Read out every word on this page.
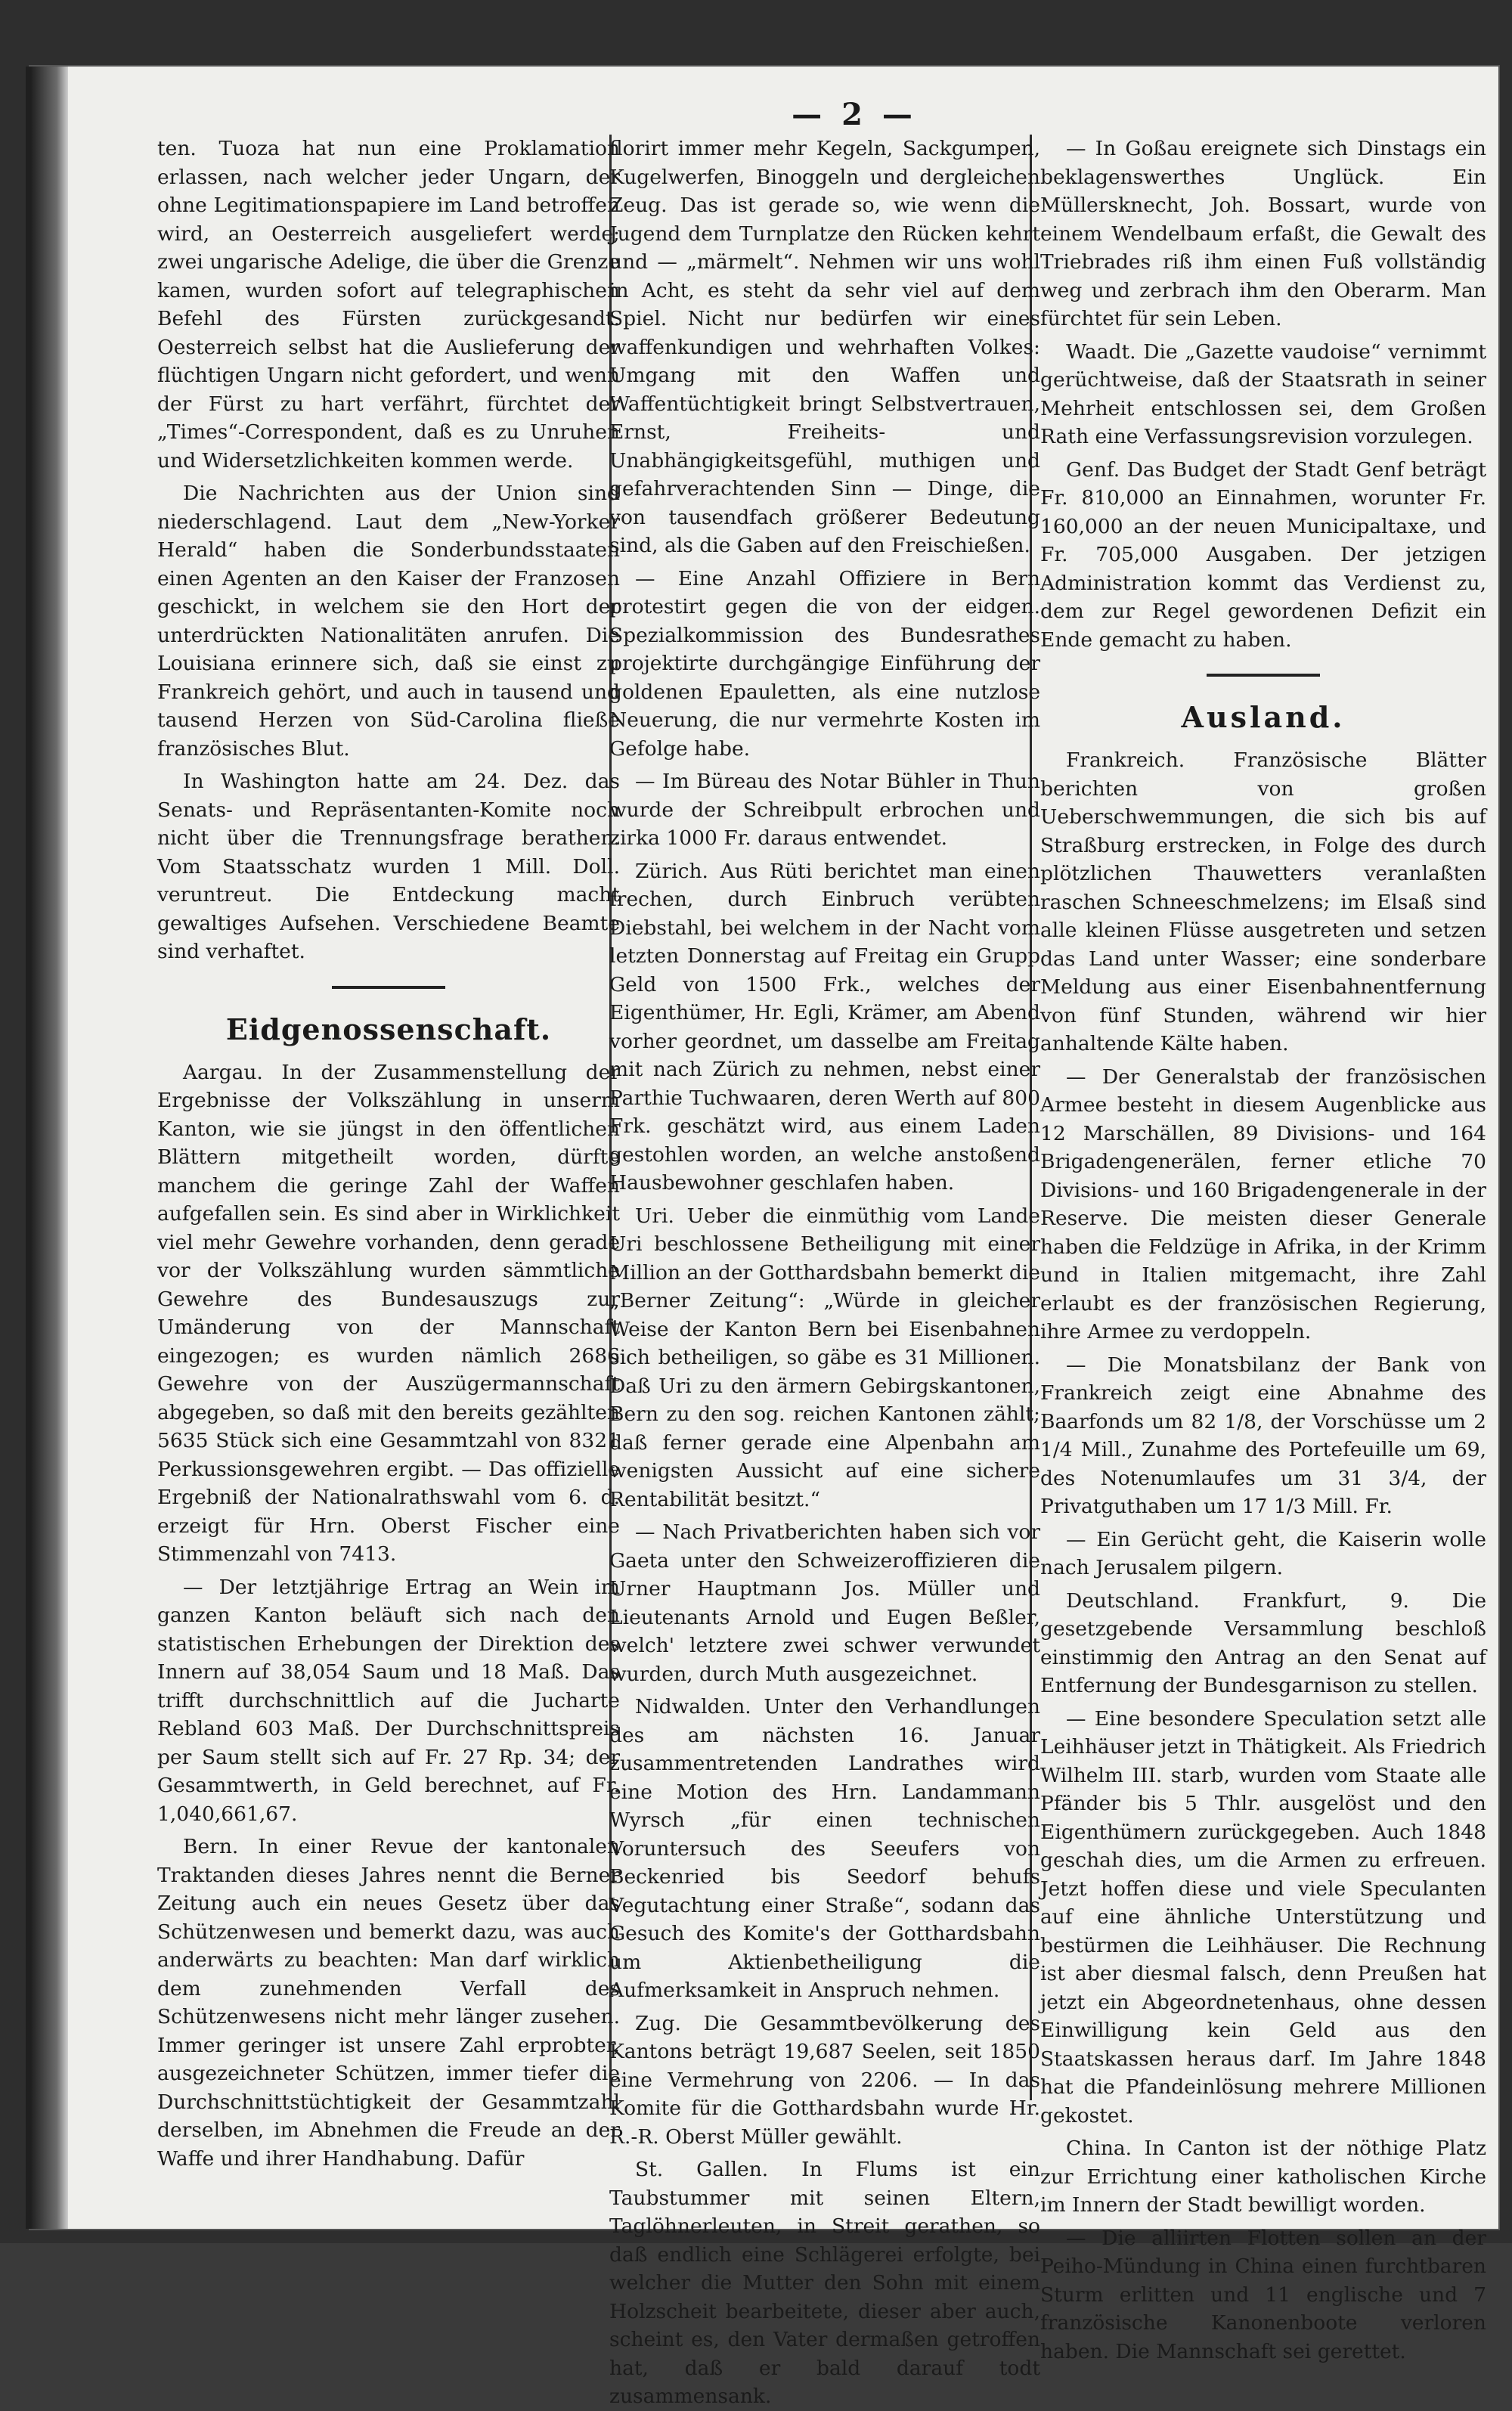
— 2 —

ten. Tuoza hat nun eine Proklamation erlassen, nach welcher jeder Ungarn, der ohne Legitimationspapiere im Land betroffen wird, an Oesterreich ausgeliefert werde; zwei ungarische Adelige, die über die Grenze kamen, wurden sofort auf telegraphischen Befehl des Fürsten zurückgesandt. Oesterreich selbst hat die Auslieferung der flüchtigen Ungarn nicht gefordert, und wenn der Fürst zu hart verfährt, fürchtet der „Times“-Correspondent, daß es zu Unruhen und Widersetzlichkeiten kommen werde.

Die Nachrichten aus der Union sind niederschlagend. Laut dem „New-Yorker Herald“ haben die Sonderbundsstaaten einen Agenten an den Kaiser der Franzosen geschickt, in welchem sie den Hort der unterdrückten Nationalitäten anrufen. Die Louisiana erinnere sich, daß sie einst zu Frankreich gehört, und auch in tausend und tausend Herzen von Süd-Carolina fließe französisches Blut.

In Washington hatte am 24. Dez. das Senats- und Repräsentanten-Komite noch nicht über die Trennungsfrage berathen. Vom Staatsschatz wurden 1 Mill. Doll. veruntreut. Die Entdeckung macht gewaltiges Aufsehen. Verschiedene Beamte sind verhaftet.

Eidgenossenschaft.

Aargau. In der Zusammenstellung der Ergebnisse der Volkszählung in unserm Kanton, wie sie jüngst in den öffentlichen Blättern mitgetheilt worden, dürfte manchem die geringe Zahl der Waffen aufgefallen sein. Es sind aber in Wirklichkeit viel mehr Gewehre vorhanden, denn gerade vor der Volkszählung wurden sämmtliche Gewehre des Bundesauszugs zur Umänderung von der Mannschaft eingezogen; es wurden nämlich 2686 Gewehre von der Auszügermannschaft abgegeben, so daß mit den bereits gezählten 5635 Stück sich eine Gesammtzahl von 8321 Perkussionsgewehren ergibt. — Das offizielle Ergebniß der Nationalrathswahl vom 6. d. erzeigt für Hrn. Oberst Fischer eine Stimmenzahl von 7413.

— Der letztjährige Ertrag an Wein im ganzen Kanton beläuft sich nach den statistischen Erhebungen der Direktion des Innern auf 38,054 Saum und 18 Maß. Das trifft durchschnittlich auf die Jucharte Rebland 603 Maß. Der Durchschnittspreis per Saum stellt sich auf Fr. 27 Rp. 34; der Gesammtwerth, in Geld berechnet, auf Fr. 1,040,661,67.

Bern. In einer Revue der kantonalen Traktanden dieses Jahres nennt die Berner Zeitung auch ein neues Gesetz über das Schützenwesen und bemerkt dazu, was auch anderwärts zu beachten: Man darf wirklich dem zunehmenden Verfall des Schützenwesens nicht mehr länger zusehen. Immer geringer ist unsere Zahl erprobter, ausgezeichneter Schützen, immer tiefer die Durchschnittstüchtigkeit der Gesammtzahl derselben, im Abnehmen die Freude an der Waffe und ihrer Handhabung. Dafür

florirt immer mehr Kegeln, Sackgumpen, Kugelwerfen, Binoggeln und dergleichen Zeug. Das ist gerade so, wie wenn die Jugend dem Turnplatze den Rücken kehrt und — „märmelt“. Nehmen wir uns wohl in Acht, es steht da sehr viel auf dem Spiel. Nicht nur bedürfen wir eines waffenkundigen und wehrhaften Volkes: Umgang mit den Waffen und Waffentüchtigkeit bringt Selbstvertrauen, Ernst, Freiheits- und Unabhängigkeitsgefühl, muthigen und gefahrverachtenden Sinn — Dinge, die von tausendfach größerer Bedeutung sind, als die Gaben auf den Freischießen.

— Eine Anzahl Offiziere in Bern protestirt gegen die von der eidgen. Spezialkommission des Bundesrathes projektirte durchgängige Einführung der goldenen Epauletten, als eine nutzlose Neuerung, die nur vermehrte Kosten im Gefolge habe.

— Im Büreau des Notar Bühler in Thun wurde der Schreibpult erbrochen und zirka 1000 Fr. daraus entwendet.

Zürich. Aus Rüti berichtet man einen frechen, durch Einbruch verübten Diebstahl, bei welchem in der Nacht vom letzten Donnerstag auf Freitag ein Grupp Geld von 1500 Frk., welches der Eigenthümer, Hr. Egli, Krämer, am Abend vorher geordnet, um dasselbe am Freitag mit nach Zürich zu nehmen, nebst einer Parthie Tuchwaaren, deren Werth auf 800 Frk. geschätzt wird, aus einem Laden gestohlen worden, an welche anstoßend Hausbewohner geschlafen haben.

Uri. Ueber die einmüthig vom Lande Uri beschlossene Betheiligung mit einer Million an der Gotthardsbahn bemerkt die „Berner Zeitung“: „Würde in gleicher Weise der Kanton Bern bei Eisenbahnen sich betheiligen, so gäbe es 31 Millionen. Daß Uri zu den ärmern Gebirgskantonen, Bern zu den sog. reichen Kantonen zählt; daß ferner gerade eine Alpenbahn am wenigsten Aussicht auf eine sichere Rentabilität besitzt.“

— Nach Privatberichten haben sich vor Gaeta unter den Schweizeroffizieren die Urner Hauptmann Jos. Müller und Lieutenants Arnold und Eugen Beßler, welch' letztere zwei schwer verwundet wurden, durch Muth ausgezeichnet.

Nidwalden. Unter den Verhandlungen des am nächsten 16. Januar zusammentretenden Landrathes wird eine Motion des Hrn. Landammann Wyrsch „für einen technischen Voruntersuch des Seeufers von Beckenried bis Seedorf behufs Vegutachtung einer Straße“, sodann das Gesuch des Komite's der Gotthardsbahn um Aktienbetheiligung die Aufmerksamkeit in Anspruch nehmen.

Zug. Die Gesammtbevölkerung des Kantons beträgt 19,687 Seelen, seit 1850 eine Vermehrung von 2206. — In das Komite für die Gotthardsbahn wurde Hr. R.-R. Oberst Müller gewählt.

St. Gallen. In Flums ist ein Taubstummer mit seinen Eltern, Taglöhnerleuten, in Streit gerathen, so daß endlich eine Schlägerei erfolgte, bei welcher die Mutter den Sohn mit einem Holzscheit bearbeitete, dieser aber auch, scheint es, den Vater dermaßen getroffen hat, daß er bald darauf todt zusammensank.

— In Goßau ereignete sich Dinstags ein beklagenswerthes Unglück. Ein Müllersknecht, Joh. Bossart, wurde von einem Wendelbaum erfaßt, die Gewalt des Triebrades riß ihm einen Fuß vollständig weg und zerbrach ihm den Oberarm. Man fürchtet für sein Leben.

Waadt. Die „Gazette vaudoise“ vernimmt gerüchtweise, daß der Staatsrath in seiner Mehrheit entschlossen sei, dem Großen Rath eine Verfassungsrevision vorzulegen.

Genf. Das Budget der Stadt Genf beträgt Fr. 810,000 an Einnahmen, worunter Fr. 160,000 an der neuen Municipaltaxe, und Fr. 705,000 Ausgaben. Der jetzigen Administration kommt das Verdienst zu, dem zur Regel gewordenen Defizit ein Ende gemacht zu haben.

Ausland.

Frankreich. Französische Blätter berichten von großen Ueberschwemmungen, die sich bis auf Straßburg erstrecken, in Folge des durch plötzlichen Thauwetters veranlaßten raschen Schneeschmelzens; im Elsaß sind alle kleinen Flüsse ausgetreten und setzen das Land unter Wasser; eine sonderbare Meldung aus einer Eisenbahnentfernung von fünf Stunden, während wir hier anhaltende Kälte haben.

— Der Generalstab der französischen Armee besteht in diesem Augenblicke aus 12 Marschällen, 89 Divisions- und 164 Brigadengenerälen, ferner etliche 70 Divisions- und 160 Brigadengenerale in der Reserve. Die meisten dieser Generale haben die Feldzüge in Afrika, in der Krimm und in Italien mitgemacht, ihre Zahl erlaubt es der französischen Regierung, ihre Armee zu verdoppeln.

— Die Monatsbilanz der Bank von Frankreich zeigt eine Abnahme des Baarfonds um 82 1/8, der Vorschüsse um 2 1/4 Mill., Zunahme des Portefeuille um 69, des Notenumlaufes um 31 3/4, der Privatguthaben um 17 1/3 Mill. Fr.

— Ein Gerücht geht, die Kaiserin wolle nach Jerusalem pilgern.

Deutschland. Frankfurt, 9. Die gesetzgebende Versammlung beschloß einstimmig den Antrag an den Senat auf Entfernung der Bundesgarnison zu stellen.

— Eine besondere Speculation setzt alle Leihhäuser jetzt in Thätigkeit. Als Friedrich Wilhelm III. starb, wurden vom Staate alle Pfänder bis 5 Thlr. ausgelöst und den Eigenthümern zurückgegeben. Auch 1848 geschah dies, um die Armen zu erfreuen. Jetzt hoffen diese und viele Speculanten auf eine ähnliche Unterstützung und bestürmen die Leihhäuser. Die Rechnung ist aber diesmal falsch, denn Preußen hat jetzt ein Abgeordnetenhaus, ohne dessen Einwilligung kein Geld aus den Staatskassen heraus darf. Im Jahre 1848 hat die Pfandeinlösung mehrere Millionen gekostet.

China. In Canton ist der nöthige Platz zur Errichtung einer katholischen Kirche im Innern der Stadt bewilligt worden.

— Die alliirten Flotten sollen an der Peiho-Mündung in China einen furchtbaren Sturm erlitten und 11 englische und 7 französische Kanonenboote verloren haben. Die Mannschaft sei gerettet.
